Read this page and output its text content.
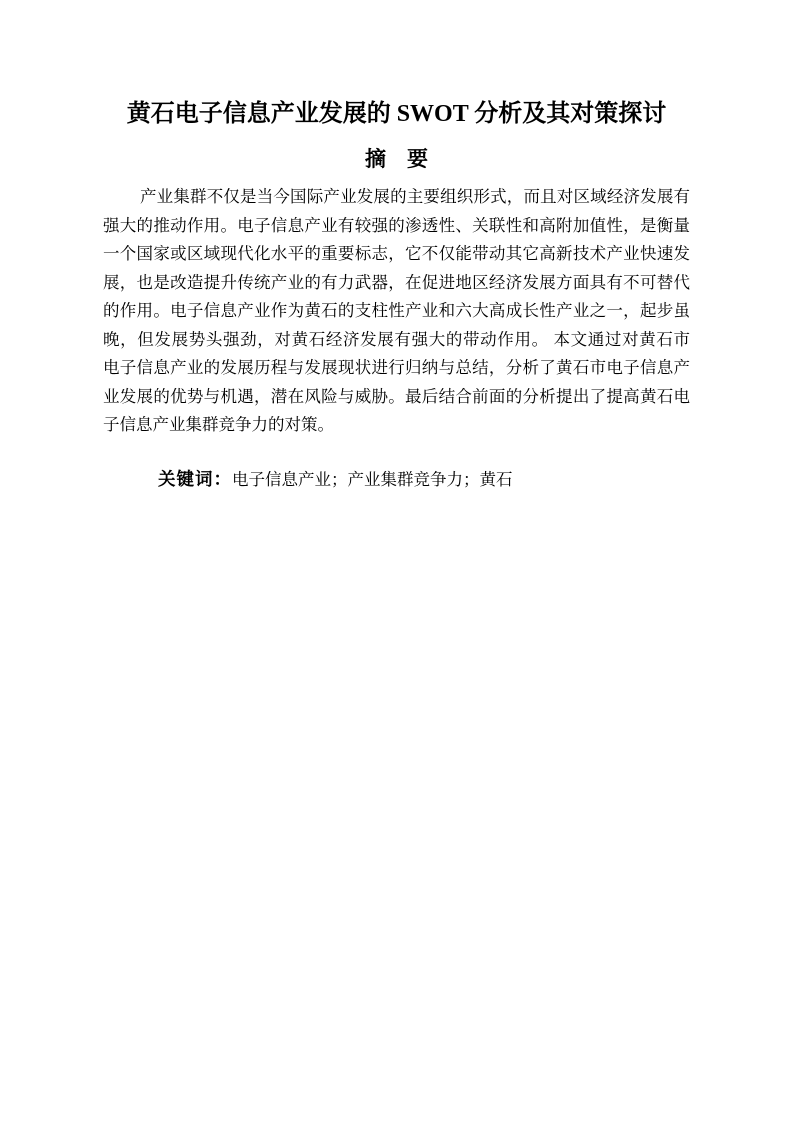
黄石电子信息产业发展的 SWOT 分析及其对策探讨
摘　要
产业集群不仅是当今国际产业发展的主要组织形式，而且对区域经济发展有
强大的推动作用。电子信息产业有较强的渗透性、关联性和高附加值性，是衡量
一个国家或区域现代化水平的重要标志，它不仅能带动其它高新技术产业快速发
展，也是改造提升传统产业的有力武器，在促进地区经济发展方面具有不可替代
的作用。电子信息产业作为黄石的支柱性产业和六大高成长性产业之一，起步虽
晚，但发展势头强劲，对黄石经济发展有强大的带动作用。 本文通过对黄石市
电子信息产业的发展历程与发展现状进行归纳与总结，分析了黄石市电子信息产
业发展的优势与机遇，潜在风险与威胁。最后结合前面的分析提出了提高黄石电
子信息产业集群竞争力的对策。
关键词：电子信息产业；产业集群竞争力；黄石
